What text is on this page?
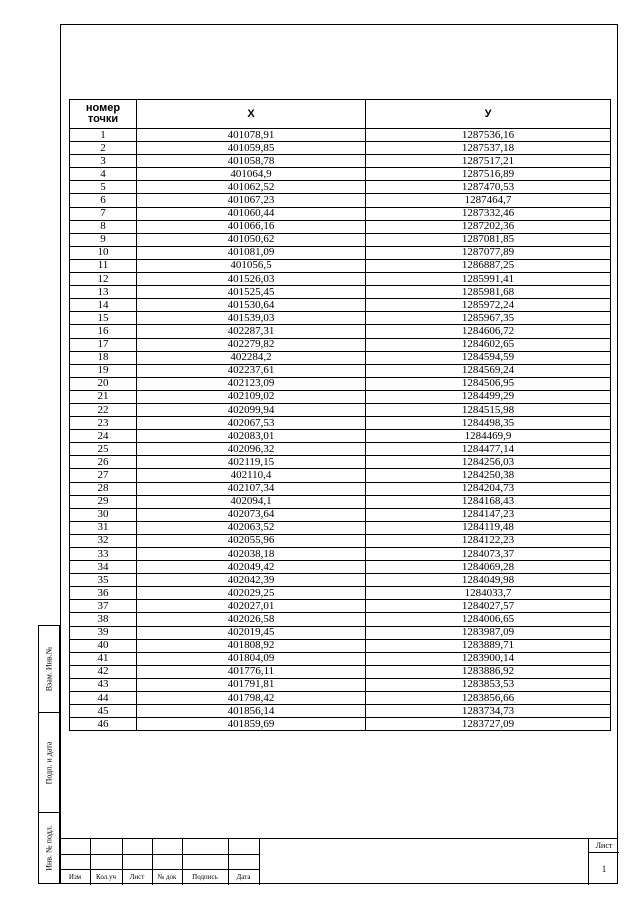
номер точки	X	У
1	401078,91	1287536,16
2	401059,85	1287537,18
3	401058,78	1287517,21
4	401064,9	1287516,89
5	401062,52	1287470,53
6	401067,23	1287464,7
7	401060,44	1287332,46
8	401066,16	1287202,36
9	401050,62	1287081,85
10	401081,09	1287077,89
11	401056,5	1286887,25
12	401526,03	1285991,41
13	401525,45	1285981,68
14	401530,64	1285972,24
15	401539,03	1285967,35
16	402287,31	1284606,72
17	402279,82	1284602,65
18	402284,2	1284594,59
19	402237,61	1284569,24
20	402123,09	1284506,95
21	402109,02	1284499,29
22	402099,94	1284515,98
23	402067,53	1284498,35
24	402083,01	1284469,9
25	402096,32	1284477,14
26	402119,15	1284256,03
27	402110,4	1284250,38
28	402107,34	1284204,73
29	402094,1	1284168,43
30	402073,64	1284147,23
31	402063,52	1284119,48
32	402055,96	1284122,23
33	402038,18	1284073,37
34	402049,42	1284069,28
35	402042,39	1284049,98
36	402029,25	1284033,7
37	402027,01	1284027,57
38	402026,58	1284006,65
39	402019,45	1283987,09
40	401808,92	1283889,71
41	401804,09	1283900,14
42	401776,11	1283886,92
43	401791,81	1283853,53
44	401798,42	1283856,66
45	401856,14	1283734,73
46	401859,69	1283727,09
Взам. Инв.№
Подп. и дата
Инв. № подл.
Изм	Кол.уч	Лист	№ док	Подпись	Дата
Лист
1
